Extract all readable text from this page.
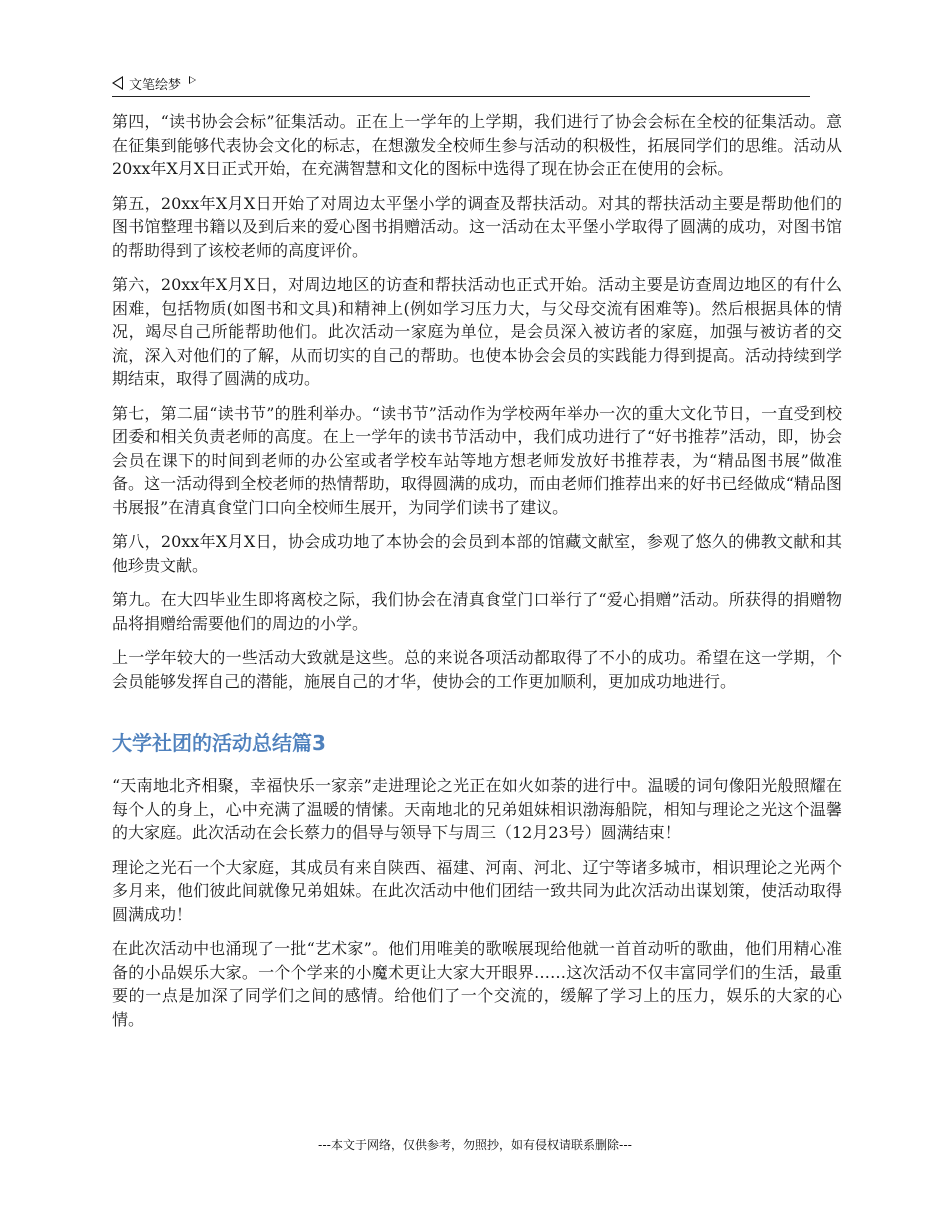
文笔绘梦

第四，“读书协会会标”征集活动。正在上一学年的上学期，我们进行了协会会标在全校的征集活动。意在征集到能够代表协会文化的标志，在想激发全校师生参与活动的积极性，拓展同学们的思维。活动从20xx年X月X日正式开始，在充满智慧和文化的图标中选得了现在协会正在使用的会标。

第五，20xx年X月X日开始了对周边太平堡小学的调查及帮扶活动。对其的帮扶活动主要是帮助他们的图书馆整理书籍以及到后来的爱心图书捐赠活动。这一活动在太平堡小学取得了圆满的成功，对图书馆的帮助得到了该校老师的高度评价。

第六，20xx年X月X日，对周边地区的访查和帮扶活动也正式开始。活动主要是访查周边地区的有什么困难，包括物质(如图书和文具)和精神上(例如学习压力大，与父母交流有困难等)。然后根据具体的情况，竭尽自己所能帮助他们。此次活动一家庭为单位，是会员深入被访者的家庭，加强与被访者的交流，深入对他们的了解，从而切实的自己的帮助。也使本协会会员的实践能力得到提高。活动持续到学期结束，取得了圆满的成功。

第七，第二届“读书节”的胜利举办。“读书节”活动作为学校两年举办一次的重大文化节日，一直受到校团委和相关负责老师的高度。在上一学年的读书节活动中，我们成功进行了“好书推荐”活动，即，协会会员在课下的时间到老师的办公室或者学校车站等地方想老师发放好书推荐表，为“精品图书展”做准备。这一活动得到全校老师的热情帮助，取得圆满的成功，而由老师们推荐出来的好书已经做成“精品图书展报”在清真食堂门口向全校师生展开，为同学们读书了建议。

第八，20xx年X月X日，协会成功地了本协会的会员到本部的馆藏文献室，参观了悠久的佛教文献和其他珍贵文献。

第九。在大四毕业生即将离校之际，我们协会在清真食堂门口举行了“爱心捐赠”活动。所获得的捐赠物品将捐赠给需要他们的周边的小学。

上一学年较大的一些活动大致就是这些。总的来说各项活动都取得了不小的成功。希望在这一学期，个会员能够发挥自己的潜能，施展自己的才华，使协会的工作更加顺利，更加成功地进行。

大学社团的活动总结篇3

“天南地北齐相聚，幸福快乐一家亲”走进理论之光正在如火如荼的进行中。温暖的词句像阳光般照耀在每个人的身上，心中充满了温暖的情愫。天南地北的兄弟姐妹相识渤海船院，相知与理论之光这个温馨的大家庭。此次活动在会长蔡力的倡导与领导下与周三（12月23号）圆满结束！

理论之光石一个大家庭，其成员有来自陕西、福建、河南、河北、辽宁等诸多城市，相识理论之光两个多月来，他们彼此间就像兄弟姐妹。在此次活动中他们团结一致共同为此次活动出谋划策，使活动取得圆满成功！

在此次活动中也涌现了一批“艺术家”。他们用唯美的歌喉展现给他就一首首动听的歌曲，他们用精心准备的小品娱乐大家。一个个学来的小魔术更让大家大开眼界……这次活动不仅丰富同学们的生活，最重要的一点是加深了同学们之间的感情。给他们了一个交流的，缓解了学习上的压力，娱乐的大家的心情。

---本文于网络，仅供参考，勿照抄，如有侵权请联系删除---
